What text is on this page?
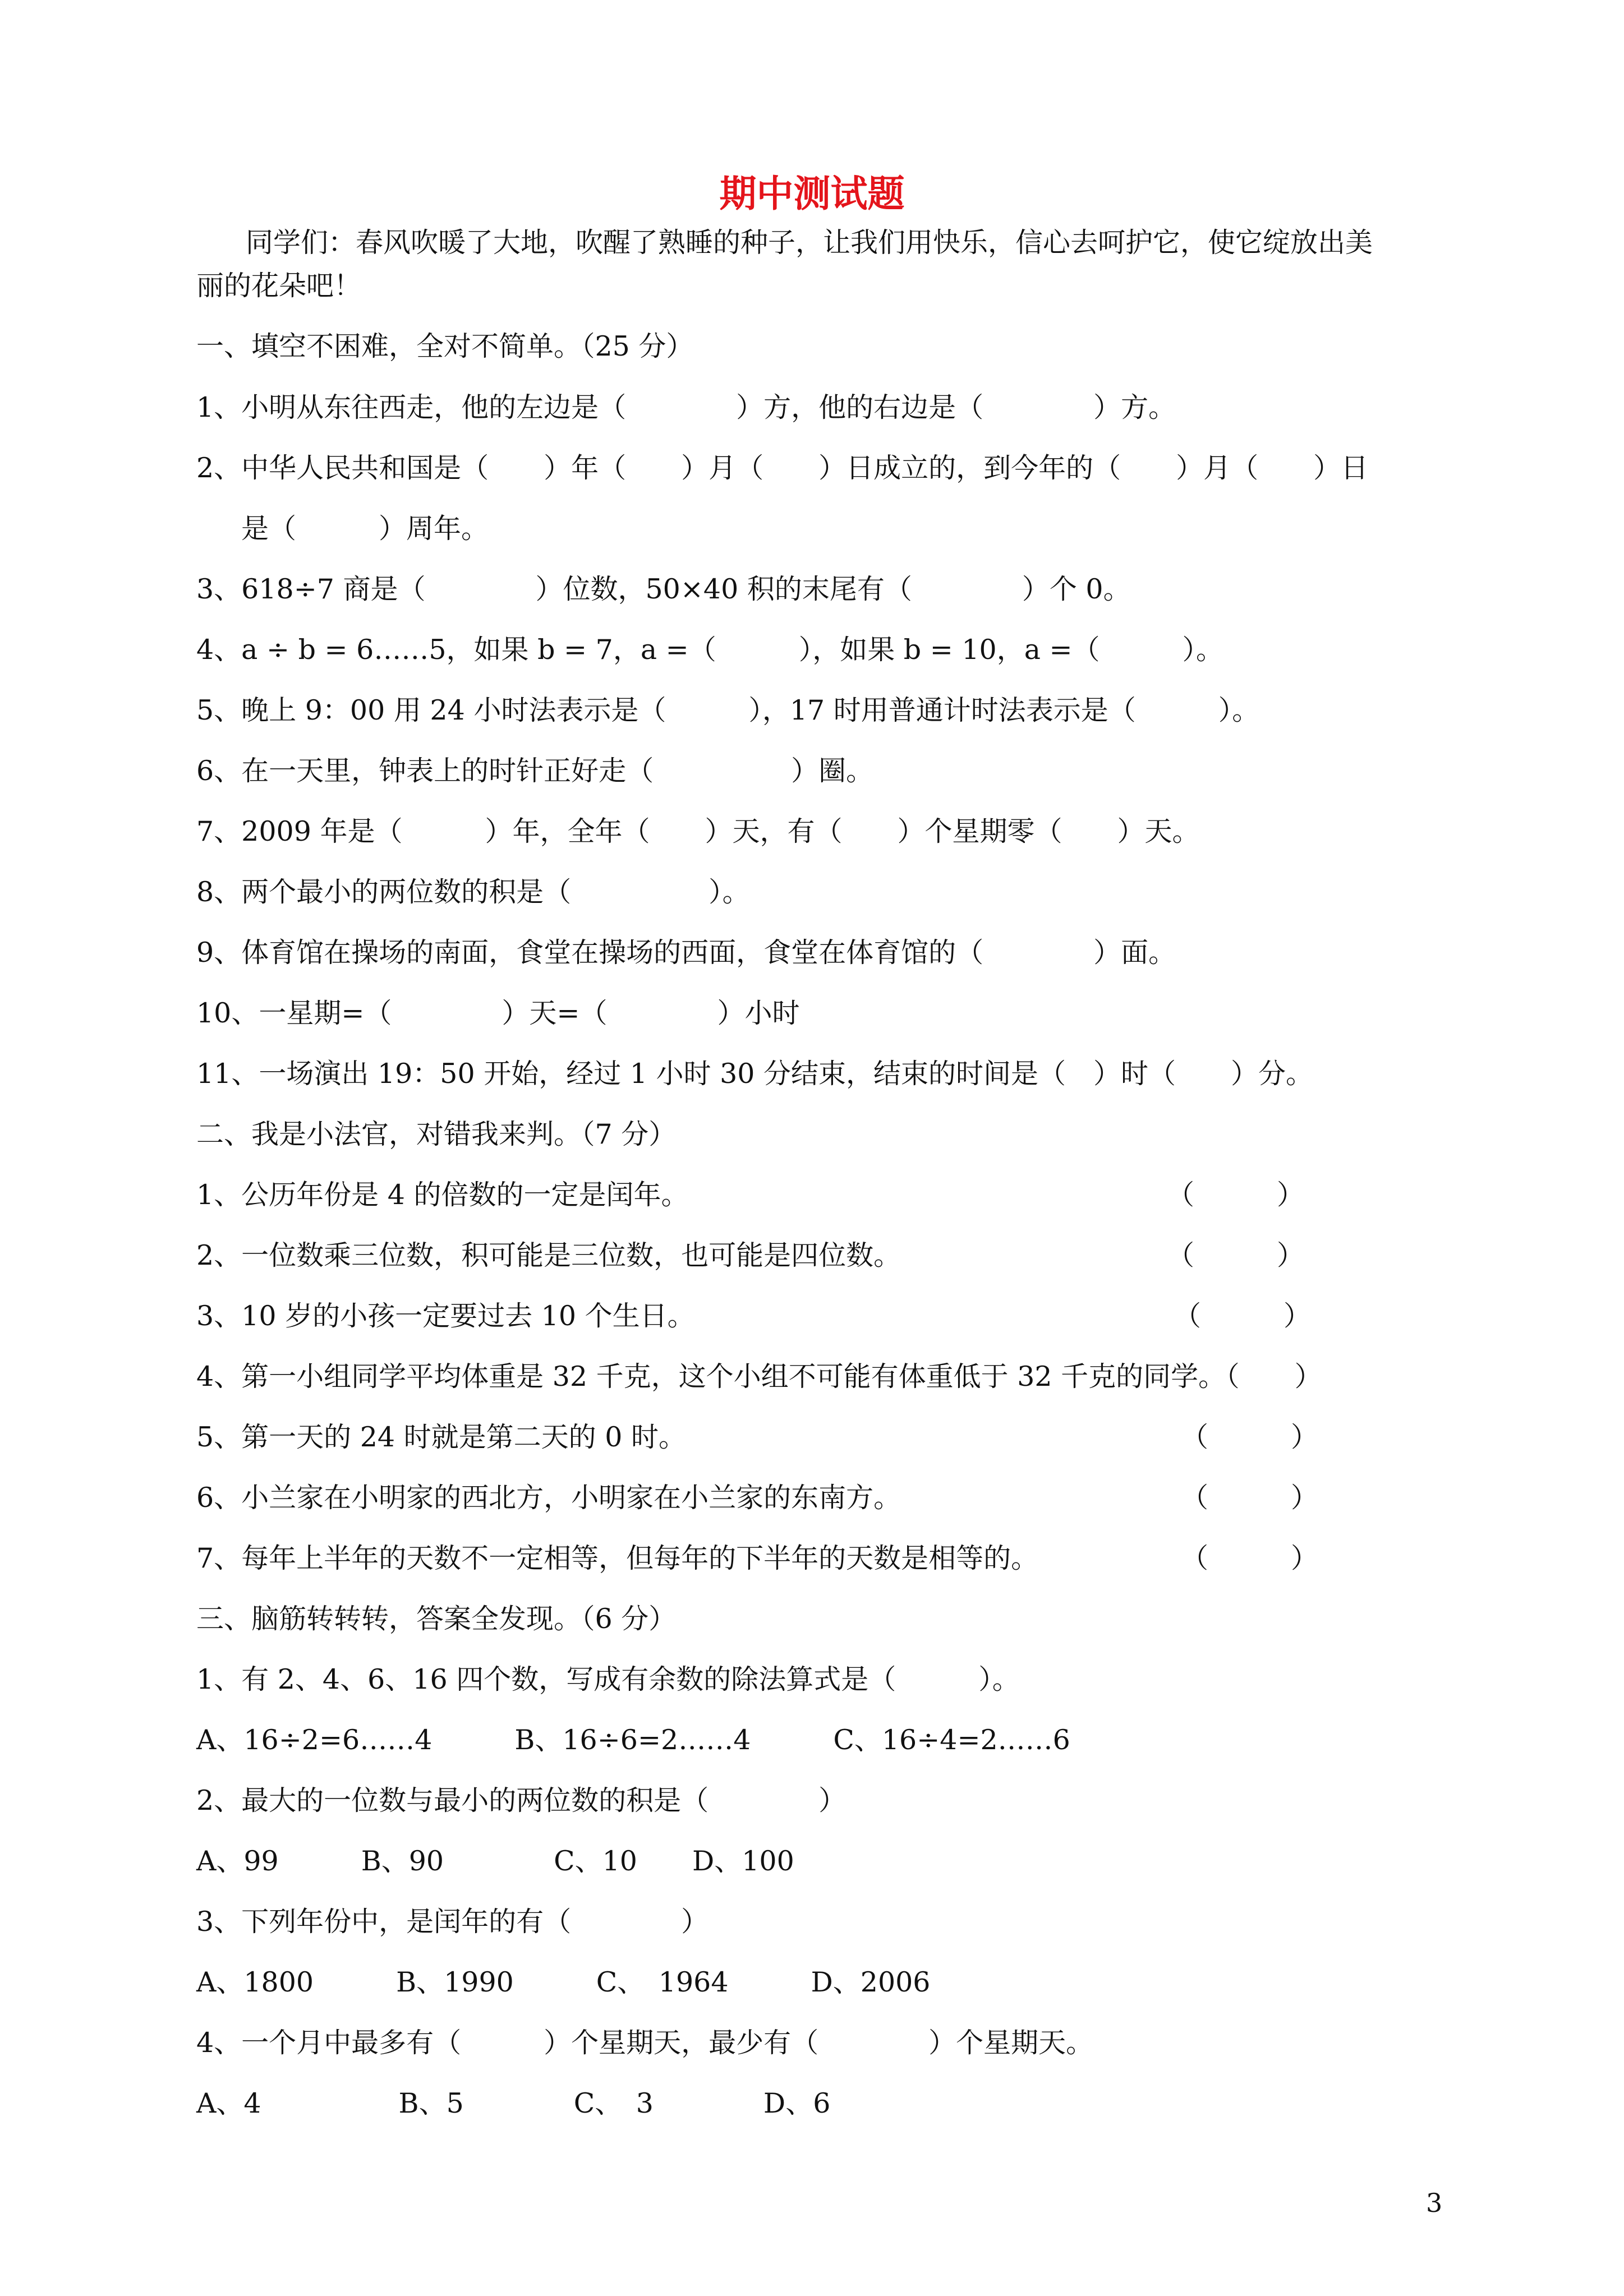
期中测试题
同学们：春风吹暖了大地，吹醒了熟睡的种子，让我们用快乐，信心去呵护它，使它绽放出美
丽的花朵吧！
一、填空不困难，全对不简单。（25 分）
1、小明从东往西走，他的左边是（　　　　）方，他的右边是（　　　　）方。
2、中华人民共和国是（　　）年（　　）月（　　）日成立的，到今年的（　　）月（　　）日
是（　　　）周年。
3、618÷7 商是（　　　　）位数，50×40 积的末尾有（　　　　）个 0。
4、a ÷ b = 6……5，如果 b = 7，a =（　　　），如果 b = 10，a =（　　　）。
5、晚上 9：00 用 24 小时法表示是（　　　），17 时用普通计时法表示是（　　　）。
6、在一天里，钟表上的时针正好走（　　　　　）圈。
7、2009 年是（　　　）年，全年（　　）天，有（　　）个星期零（　　）天。
8、两个最小的两位数的积是（　　　　　）。
9、体育馆在操场的南面，食堂在操场的西面，食堂在体育馆的（　　　　）面。
10、一星期=（　　　　）天=（　　　　）小时
11、一场演出 19：50 开始，经过 1 小时 30 分结束，结束的时间是（　）时（　　）分。
二、我是小法官，对错我来判。（7 分）
1、公历年份是 4 的倍数的一定是闰年。	（　　　）
2、一位数乘三位数，积可能是三位数，也可能是四位数。	（　　　）
3、10 岁的小孩一定要过去 10 个生日。	（　　　）
4、第一小组同学平均体重是 32 千克，这个小组不可能有体重低于 32 千克的同学。（　　）
5、第一天的 24 时就是第二天的 0 时。	（　　　）
6、小兰家在小明家的西北方，小明家在小兰家的东南方。	（　　　）
7、每年上半年的天数不一定相等，但每年的下半年的天数是相等的。	（　　　）
三、脑筋转转转，答案全发现。（6 分）
1、有 2、4、6、16 四个数，写成有余数的除法算式是（　　　）。
A、16÷2=6……4　　　B、16÷6=2……4　　　C、16÷4=2……6
2、最大的一位数与最小的两位数的积是（　　　　）
A、99　　　B、90　　　　C、10　　D、100
3、下列年份中，是闰年的有（　　　　）
A、1800　　　B、1990　　　C、　1964　　　D、2006
4、一个月中最多有（　　　）个星期天，最少有（　　　　）个星期天。
A、4　　　　　B、5　　　　C、　3　　　　D、6
3
